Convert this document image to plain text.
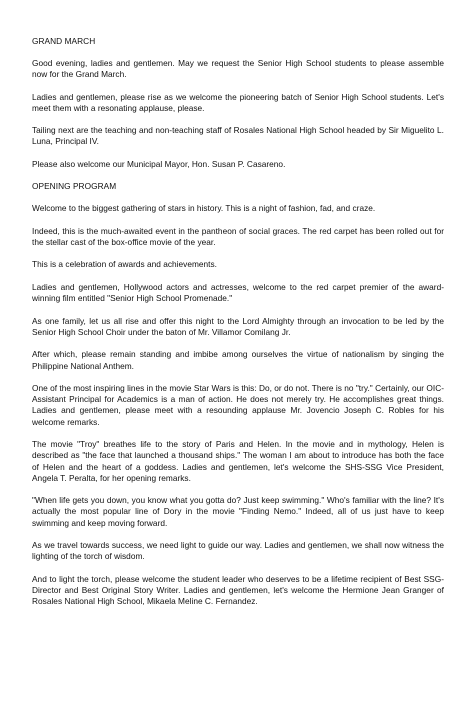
GRAND MARCH

Good evening, ladies and gentlemen. May we request the Senior High School students to please assemble now for the Grand March.

Ladies and gentlemen, please rise as we welcome the pioneering batch of Senior High School students. Let's meet them with a resonating applause, please.

Tailing next are the teaching and non-teaching staff of Rosales National High School headed by Sir Miguelito L. Luna, Principal IV.

Please also welcome our Municipal Mayor, Hon. Susan P. Casareno.

OPENING PROGRAM

Welcome to the biggest gathering of stars in history. This is a night of fashion, fad, and craze.

Indeed, this is the much-awaited event in the pantheon of social graces. The red carpet has been rolled out for the stellar cast of the box-office movie of the year.

This is a celebration of awards and achievements.

Ladies and gentlemen, Hollywood actors and actresses, welcome to the red carpet premier of the award-winning film entitled "Senior High School Promenade."

As one family, let us all rise and offer this night to the Lord Almighty through an invocation to be led by the Senior High School Choir under the baton of Mr. Villamor Comilang Jr.

After which, please remain standing and imbibe among ourselves the virtue of nationalism by singing the Philippine National Anthem.

One of the most inspiring lines in the movie Star Wars is this: Do, or do not. There is no "try." Certainly, our OIC-Assistant Principal for Academics is a man of action. He does not merely try. He accomplishes great things. Ladies and gentlemen, please meet with a resounding applause Mr. Jovencio Joseph C. Robles for his welcome remarks.

The movie "Troy" breathes life to the story of Paris and Helen. In the movie and in mythology, Helen is described as "the face that launched a thousand ships." The woman I am about to introduce has both the face of Helen and the heart of a goddess. Ladies and gentlemen, let's welcome the SHS-SSG Vice President, Angela T. Peralta, for her opening remarks.

"When life gets you down, you know what you gotta do? Just keep swimming." Who's familiar with the line? It's actually the most popular line of Dory in the movie "Finding Nemo." Indeed, all of us just have to keep swimming and keep moving forward.

As we travel towards success, we need light to guide our way. Ladies and gentlemen, we shall now witness the lighting of the torch of wisdom.

And to light the torch, please welcome the student leader who deserves to be a lifetime recipient of Best SSG-Director and Best Original Story Writer. Ladies and gentlemen, let's welcome the Hermione Jean Granger of Rosales National High School, Mikaela Meline C. Fernandez.
